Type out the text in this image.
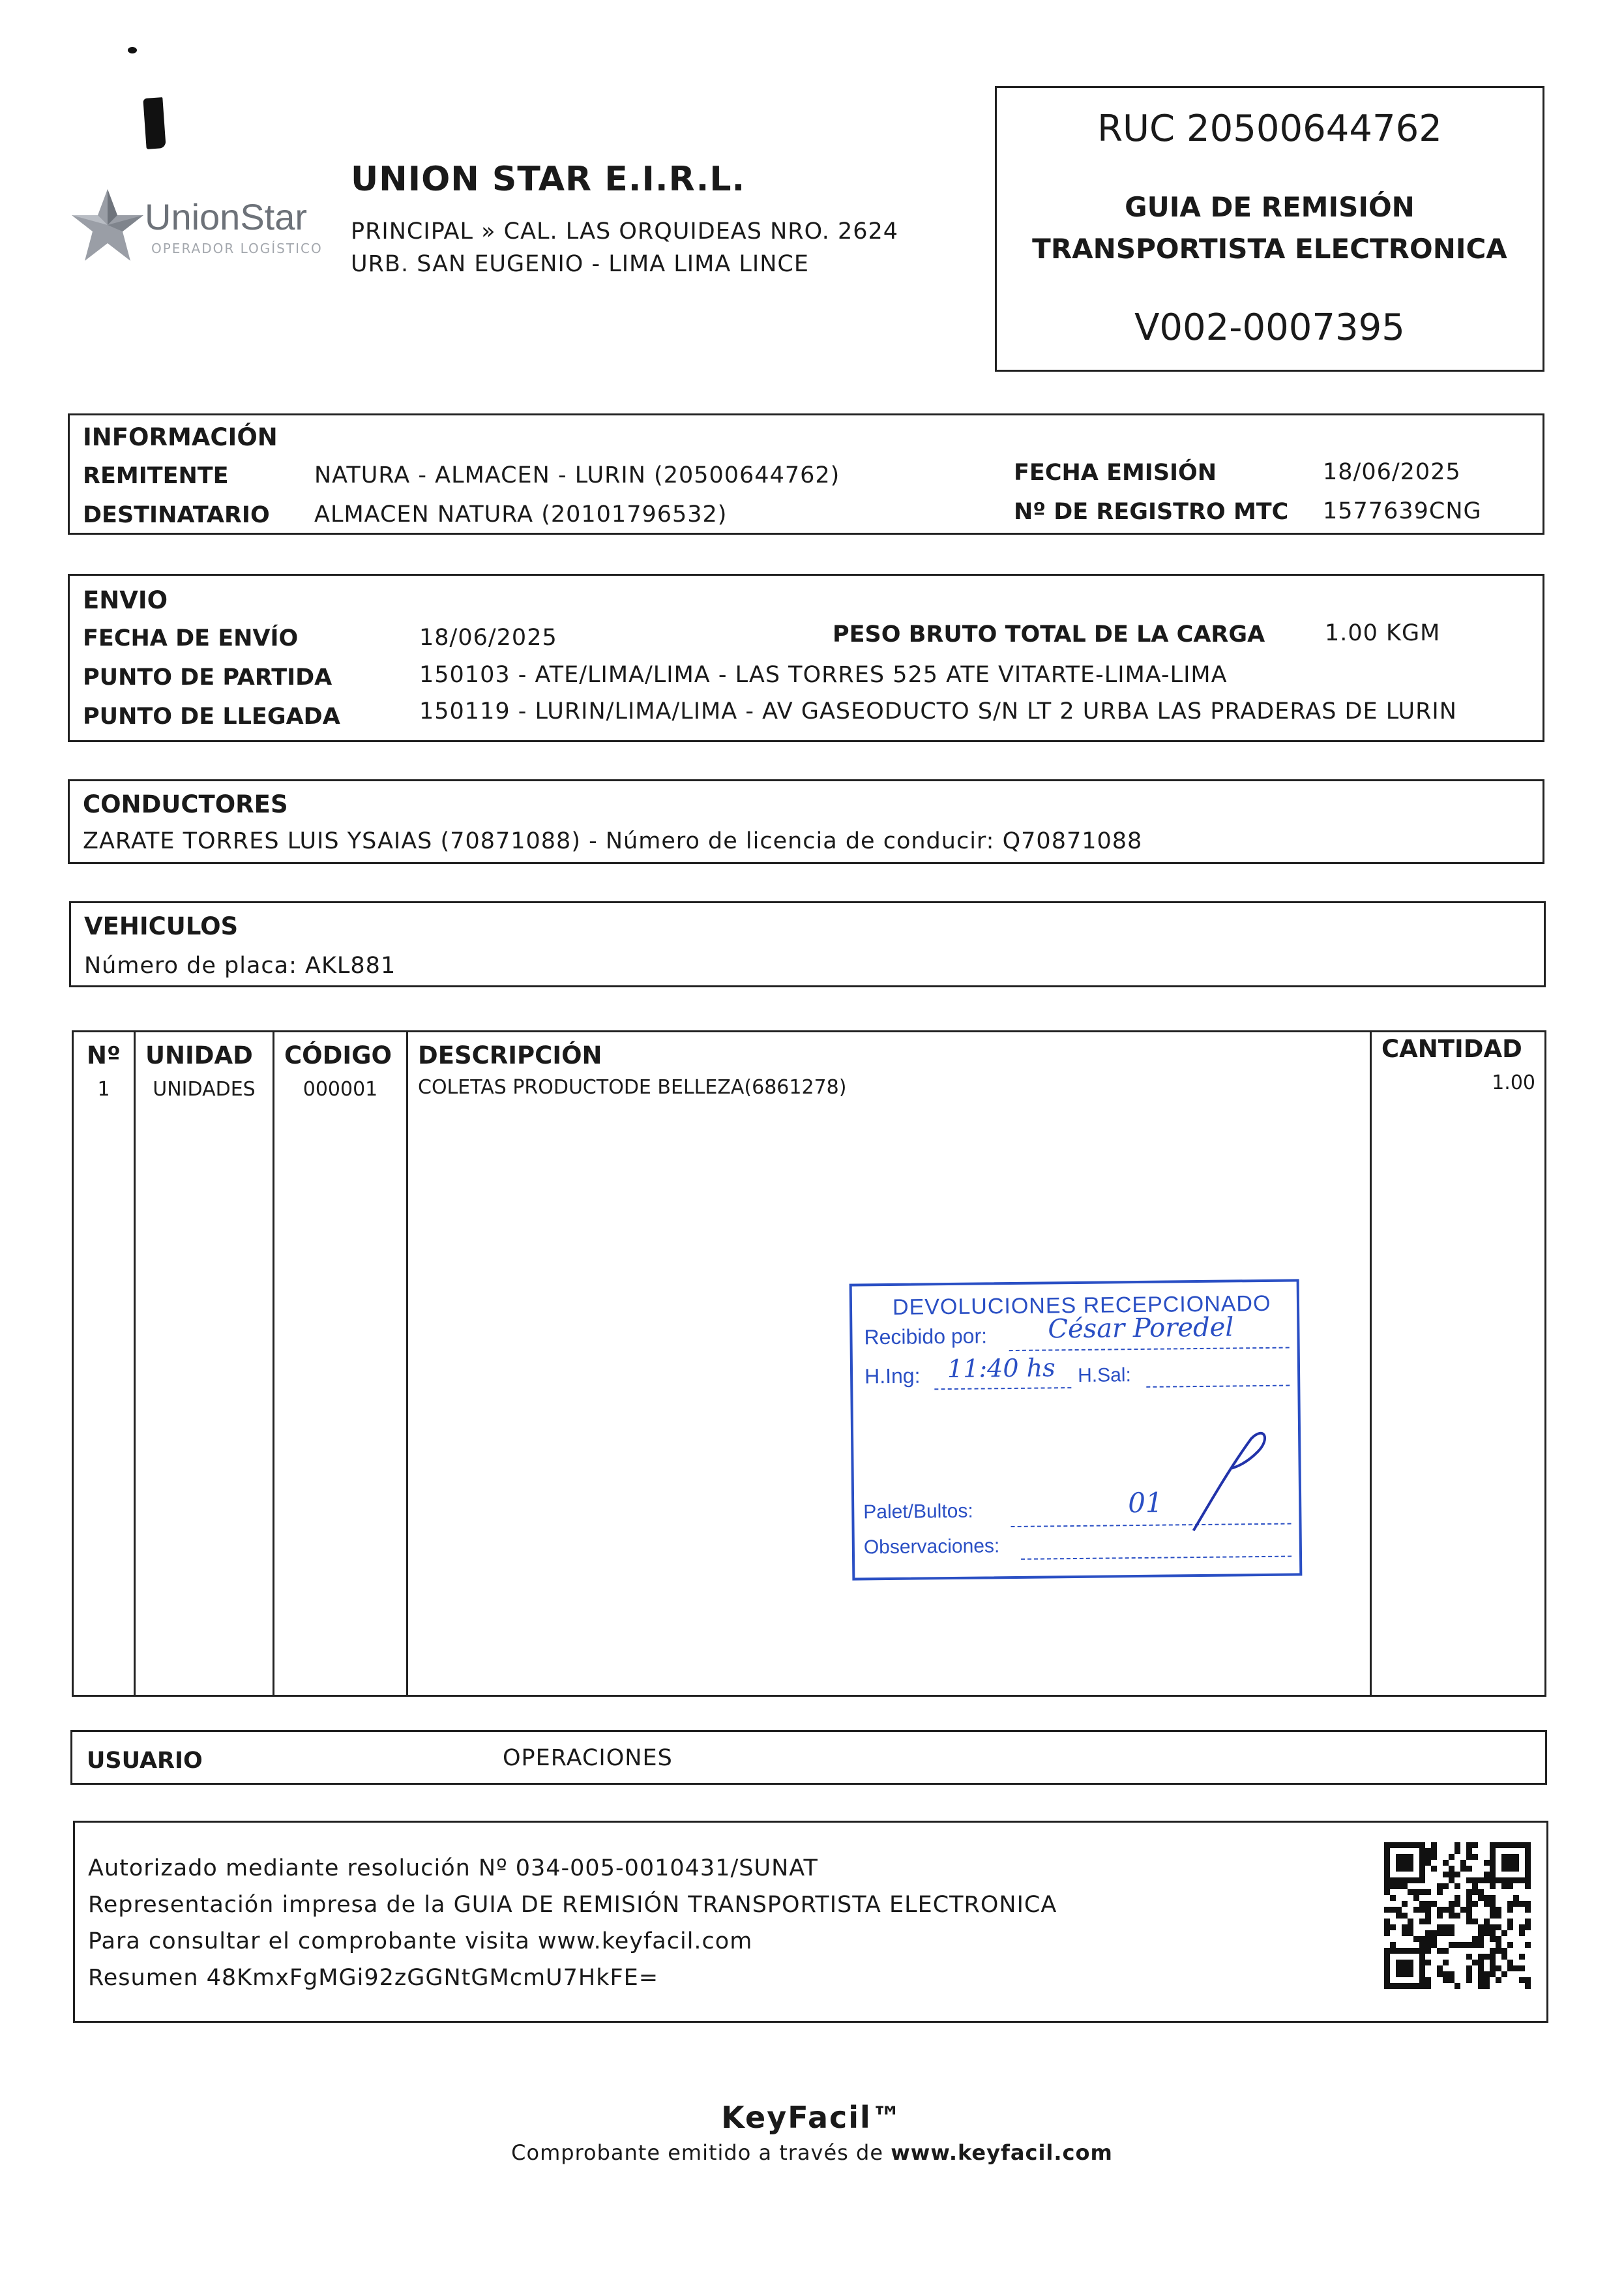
UnionStar
OPERADOR LOGÍSTICO
UNION STAR E.I.R.L.
PRINCIPAL » CAL. LAS ORQUIDEAS NRO. 2624
URB. SAN EUGENIO - LIMA LIMA LINCE
RUC 20500644762
GUIA DE REMISIÓN
TRANSPORTISTA ELECTRONICA
V002-0007395
INFORMACIÓN
REMITENTE	NATURA - ALMACEN - LURIN (20500644762)
DESTINATARIO ALMACEN NATURA (20101796532)
FECHA EMISIÓN	18/06/2025
Nº DE REGISTRO MTC 1577639CNG
ENVIO
FECHA DE ENVÍO	18/06/2025	PESO BRUTO TOTAL DE LA CARGA	1.00 KGM
PUNTO DE PARTIDA	150103 - ATE/LIMA/LIMA - LAS TORRES 525 ATE VITARTE-LIMA-LIMA
PUNTO DE LLEGADA	150119 - LURIN/LIMA/LIMA - AV GASEODUCTO S/N LT 2 URBA LAS PRADERAS DE LURIN
CONDUCTORES
ZARATE TORRES LUIS YSAIAS (70871088) - Número de licencia de conducir: Q70871088
VEHICULOS
Número de placa: AKL881
Nº UNIDAD CÓDIGO DESCRIPCIÓN	CANTIDAD
1	UNIDADES	000001	COLETAS PRODUCTODE BELLEZA(6861278)	1.00
DEVOLUCIONES RECEPCIONADO
Recibido por: César Poredel
H.Ing: 11:40 hs H.Sal:
Palet/Bultos:	01
Observaciones:
USUARIO	OPERACIONES
Autorizado mediante resolución Nº 034-005-0010431/SUNAT
Representación impresa de la GUIA DE REMISIÓN TRANSPORTISTA ELECTRONICA
Para consultar el comprobante visita www.keyfacil.com
Resumen 48KmxFgMGi92zGGNtGMcmU7HkFE=
KeyFacil™
Comprobante emitido a través de www.keyfacil.com
